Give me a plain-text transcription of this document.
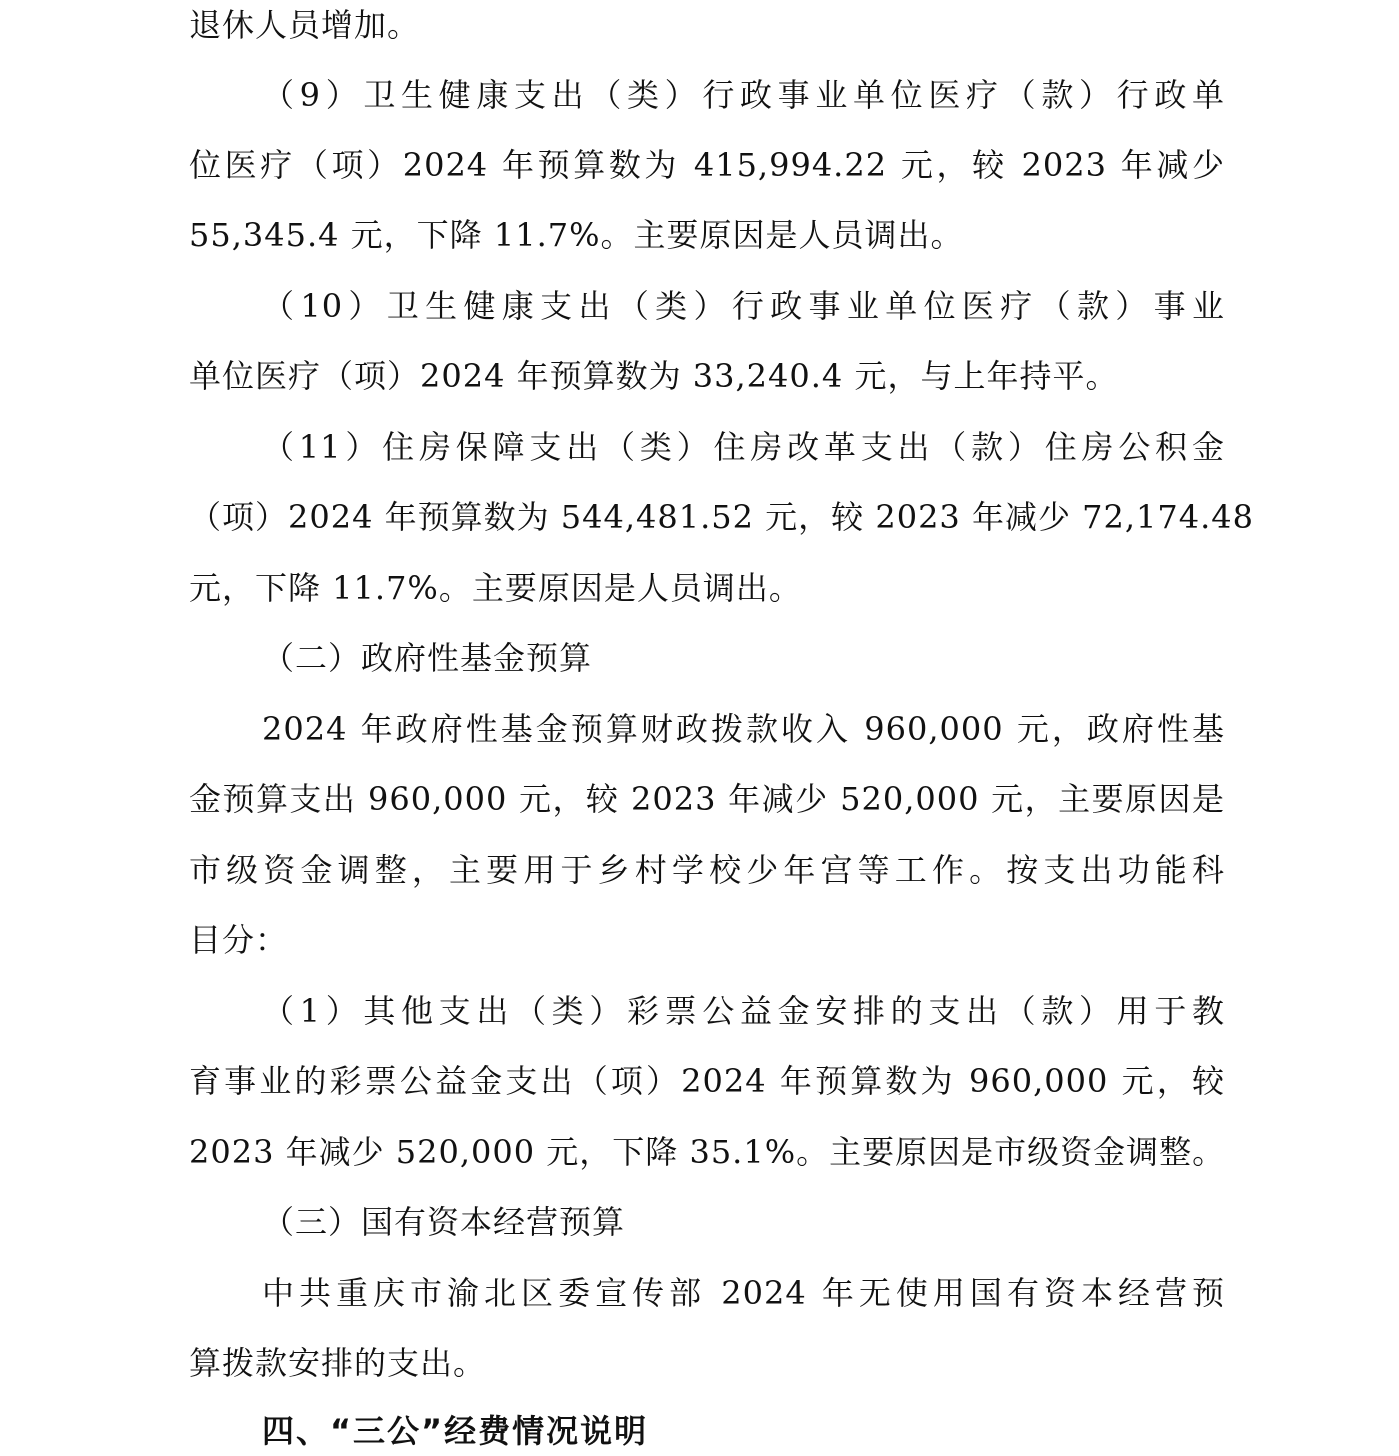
退休人员增加。
（9）卫生健康支出（类）行政事业单位医疗（款）行政单
位医疗（项）2024 年预算数为 415,994.22 元，较 2023 年减少
55,345.4 元，下降 11.7%。主要原因是人员调出。
（10）卫生健康支出（类）行政事业单位医疗（款）事业
单位医疗（项）2024 年预算数为 33,240.4 元，与上年持平。
（11）住房保障支出（类）住房改革支出（款）住房公积金
（项）2024 年预算数为 544,481.52 元，较 2023 年减少 72,174.48
元，下降 11.7%。主要原因是人员调出。
（二）政府性基金预算
2024 年政府性基金预算财政拨款收入 960,000 元，政府性基
金预算支出 960,000 元，较 2023 年减少 520,000 元，主要原因是
市级资金调整，主要用于乡村学校少年宫等工作。按支出功能科
目分：
（1）其他支出（类）彩票公益金安排的支出（款）用于教
育事业的彩票公益金支出（项）2024 年预算数为 960,000 元，较
2023 年减少 520,000 元，下降 35.1%。主要原因是市级资金调整。
（三）国有资本经营预算
中共重庆市渝北区委宣传部 2024 年无使用国有资本经营预
算拨款安排的支出。
四、“三公”经费情况说明
